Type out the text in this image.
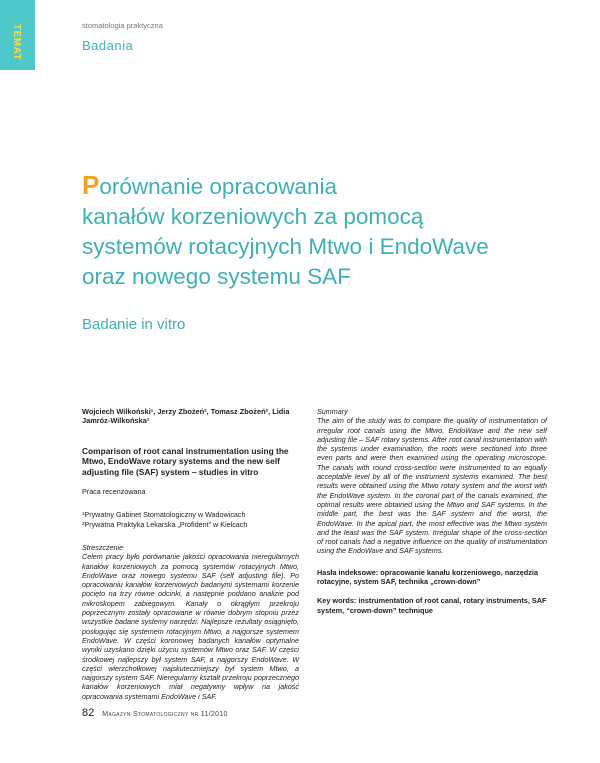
TEMAT	stomatologia praktyczna
Badania
Porównanie opracowania
kanałów korzeniowych za pomocą
systemów rotacyjnych Mtwo i EndoWave
oraz nowego systemu SAF
Badanie in vitro

Wojciech Wilkoński¹, Jerzy Zbożeń², Tomasz Zbożeń², Lidia Jamróz-Wilkońska¹

Comparison of root canal instrumentation using the Mtwo, EndoWave rotary systems and the new self adjusting file (SAF) system – studies in vitro

Praca recenzowana

¹Prywatny Gabinet Stomatologiczny w Wadowicach

²Prywatna Praktyka Lekarska „Profident” w Kielcach

Streszczenie

Celem pracy było porównanie jakości opracowania nieregularnych kanałów korzeniowych za pomocą systemów rotacyjnych Mtwo, EndoWave oraz nowego systemu SAF (self adjusting file). Po opracowaniu kanałów korzeniowych badanymi systemami korzenie pocięto na trzy równe odcinki, a następnie poddano analizie pod mikroskopem zabiegowym. Kanały o okrągłym przekroju poprzecznym zostały opracowane w równie dobrym stopniu przez wszystkie badane systemy narzędzi. Najlepsze rezultaty osiągnięto, posługując się systemem rotacyjnym Mtwo, a najgorsze systemem EndoWave. W części koronowej badanych kanałów optymalne wyniki uzyskano dzięki użyciu systemów Mtwo oraz SAF. W części środkowej najlepszy był system SAF, a najgorszy EndoWave. W części wierzchołkowej najskuteczniejszy był system Mtwo, a najgorszy system SAF. Nieregularny kształt przekroju poprzecznego kanałów korzeniowych miał negatywny wpływ na jakość opracowania systemami EndoWave i SAF.

Summary

The aim of the study was to compare the quality of instrumentation of irregular root canals using the Mtwo, EndoWave and the new self adjusting file – SAF rotary systems. After root canal instrumentation with the systems under examination, the roots were sectioned into three even parts and were then examined using the operating microscope. The canals with round cross-section were instrumented to an equally acceptable level by all of the instrument systems examined. The best results were obtained using the Mtwo rotary system and the worst with the EndoWave system. In the coronal part of the canals examined, the optimal results were obtained using the Mtwo and SAF systems. In the middle part, the best was the SAF system and the worst, the EndoWave. In the apical part, the most effective was the Mtwo system and the least was the SAF system. Irregular shape of the cross-section of root canals had a negative influence on the quality of instrumentation using the EndoWave and SAF systems.

Hasła indeksowe: opracowanie kanału korzeniowego, narzędzia rotacyjne, system SAF, technika „crown-down”

Key words: instrumentation of root canal, rotary instruments, SAF system, “crown-down” technique

82 Magazyn Stomatologiczny nr 11/2010
